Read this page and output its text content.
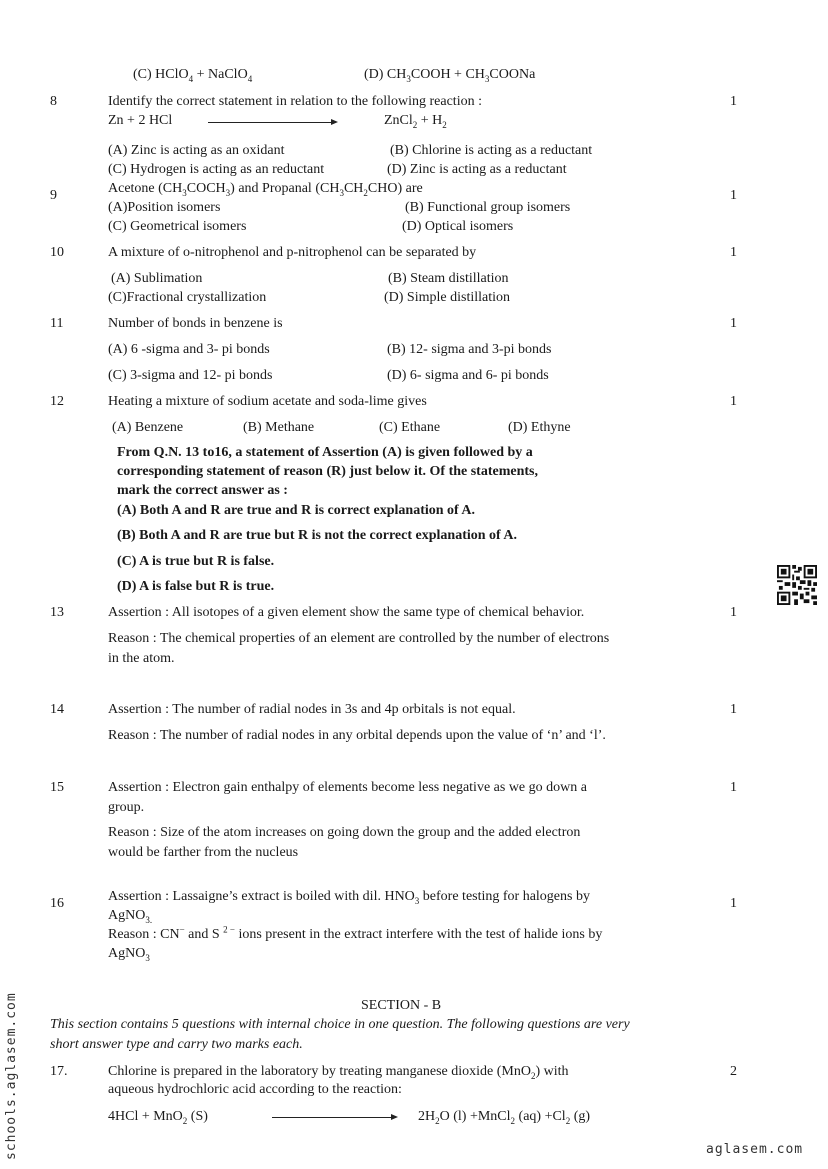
(C) HClO$_4$ + NaClO$_4$	(D) $CH_3COOH$ + $CH_3COONa$
8	Identify the correct statement in relation to the following reaction :	1
Zn + 2 HCl	ZnCl$_2$ + $H_2$
(A) Zinc is acting as an oxidant	(B) Chlorine is acting as a reductant
(C) Hydrogen is acting as an reductant	(D) Zinc is acting as a reductant
9	Acetone $(CH_3COCH_3)$ and Propanal $(CH_3CH_2CHO)$ are	1
(A)Position isomers	(B) Functional group isomers
(C) Geometrical isomers	(D) Optical isomers
10	A mixture of o-nitrophenol and p-nitrophenol can be separated by	1
(A) Sublimation	(B) Steam distillation
(C)Fractional crystallization	(D) Simple distillation
11	Number of bonds in benzene is	1
(A) 6 -sigma and 3- pi bonds	(B) 12- sigma and 3-pi bonds
(C) 3-sigma and 12- pi bonds	(D) 6- sigma and 6- pi bonds
12	Heating a mixture of sodium acetate and soda-lime gives	1
(A) Benzene	(B) Methane	(C) Ethane	(D) Ethyne
From Q.N. 13 to16, a statement of Assertion (A) is given followed by a
corresponding statement of reason (R) just below it. Of the statements,
mark the correct answer as :
(A) Both A and R are true and R is correct explanation of A.
(B) Both A and R are true but R is not the correct explanation of A.
(C) A is true but R is false.
(D) A is false but R is true.
13	Assertion : All isotopes of a given element show the same type of chemical behavior.	1
Reason : The chemical properties of an element are controlled by the number of electrons
in the atom.
14	Assertion : The number of radial nodes in 3s and 4p orbitals is not equal.	1
Reason : The number of radial nodes in any orbital depends upon the value of ‘n’ and ‘l’.
15	Assertion : Electron gain enthalpy of elements become less negative as we go down a	1
group.
Reason : Size of the atom increases on going down the group and the added electron
would be farther from the nucleus
16	Assertion : Lassaigne’s extract is boiled with dil. $HNO_3$ before testing for halogens by	1
AgNO$_{3.}$
Reason : CN− and S $^{2 -}$ ions present in the extract interfere with the test of halide ions by
AgNO$_3$
SECTION - B
This section contains 5 questions with internal choice in one question. The following questions are very
short answer type and carry two marks each.
17.	Chlorine is prepared in the laboratory by treating manganese dioxide (MnO$_2$) with	2
aqueous hydrochloric acid according to the reaction:
4HCl + MnO$_2$ (S)	$2H_2O$ (l) +MnCl$_2$ $(aq) +Cl_2$ (g)
schools.aglasem.com	aglasem.com
